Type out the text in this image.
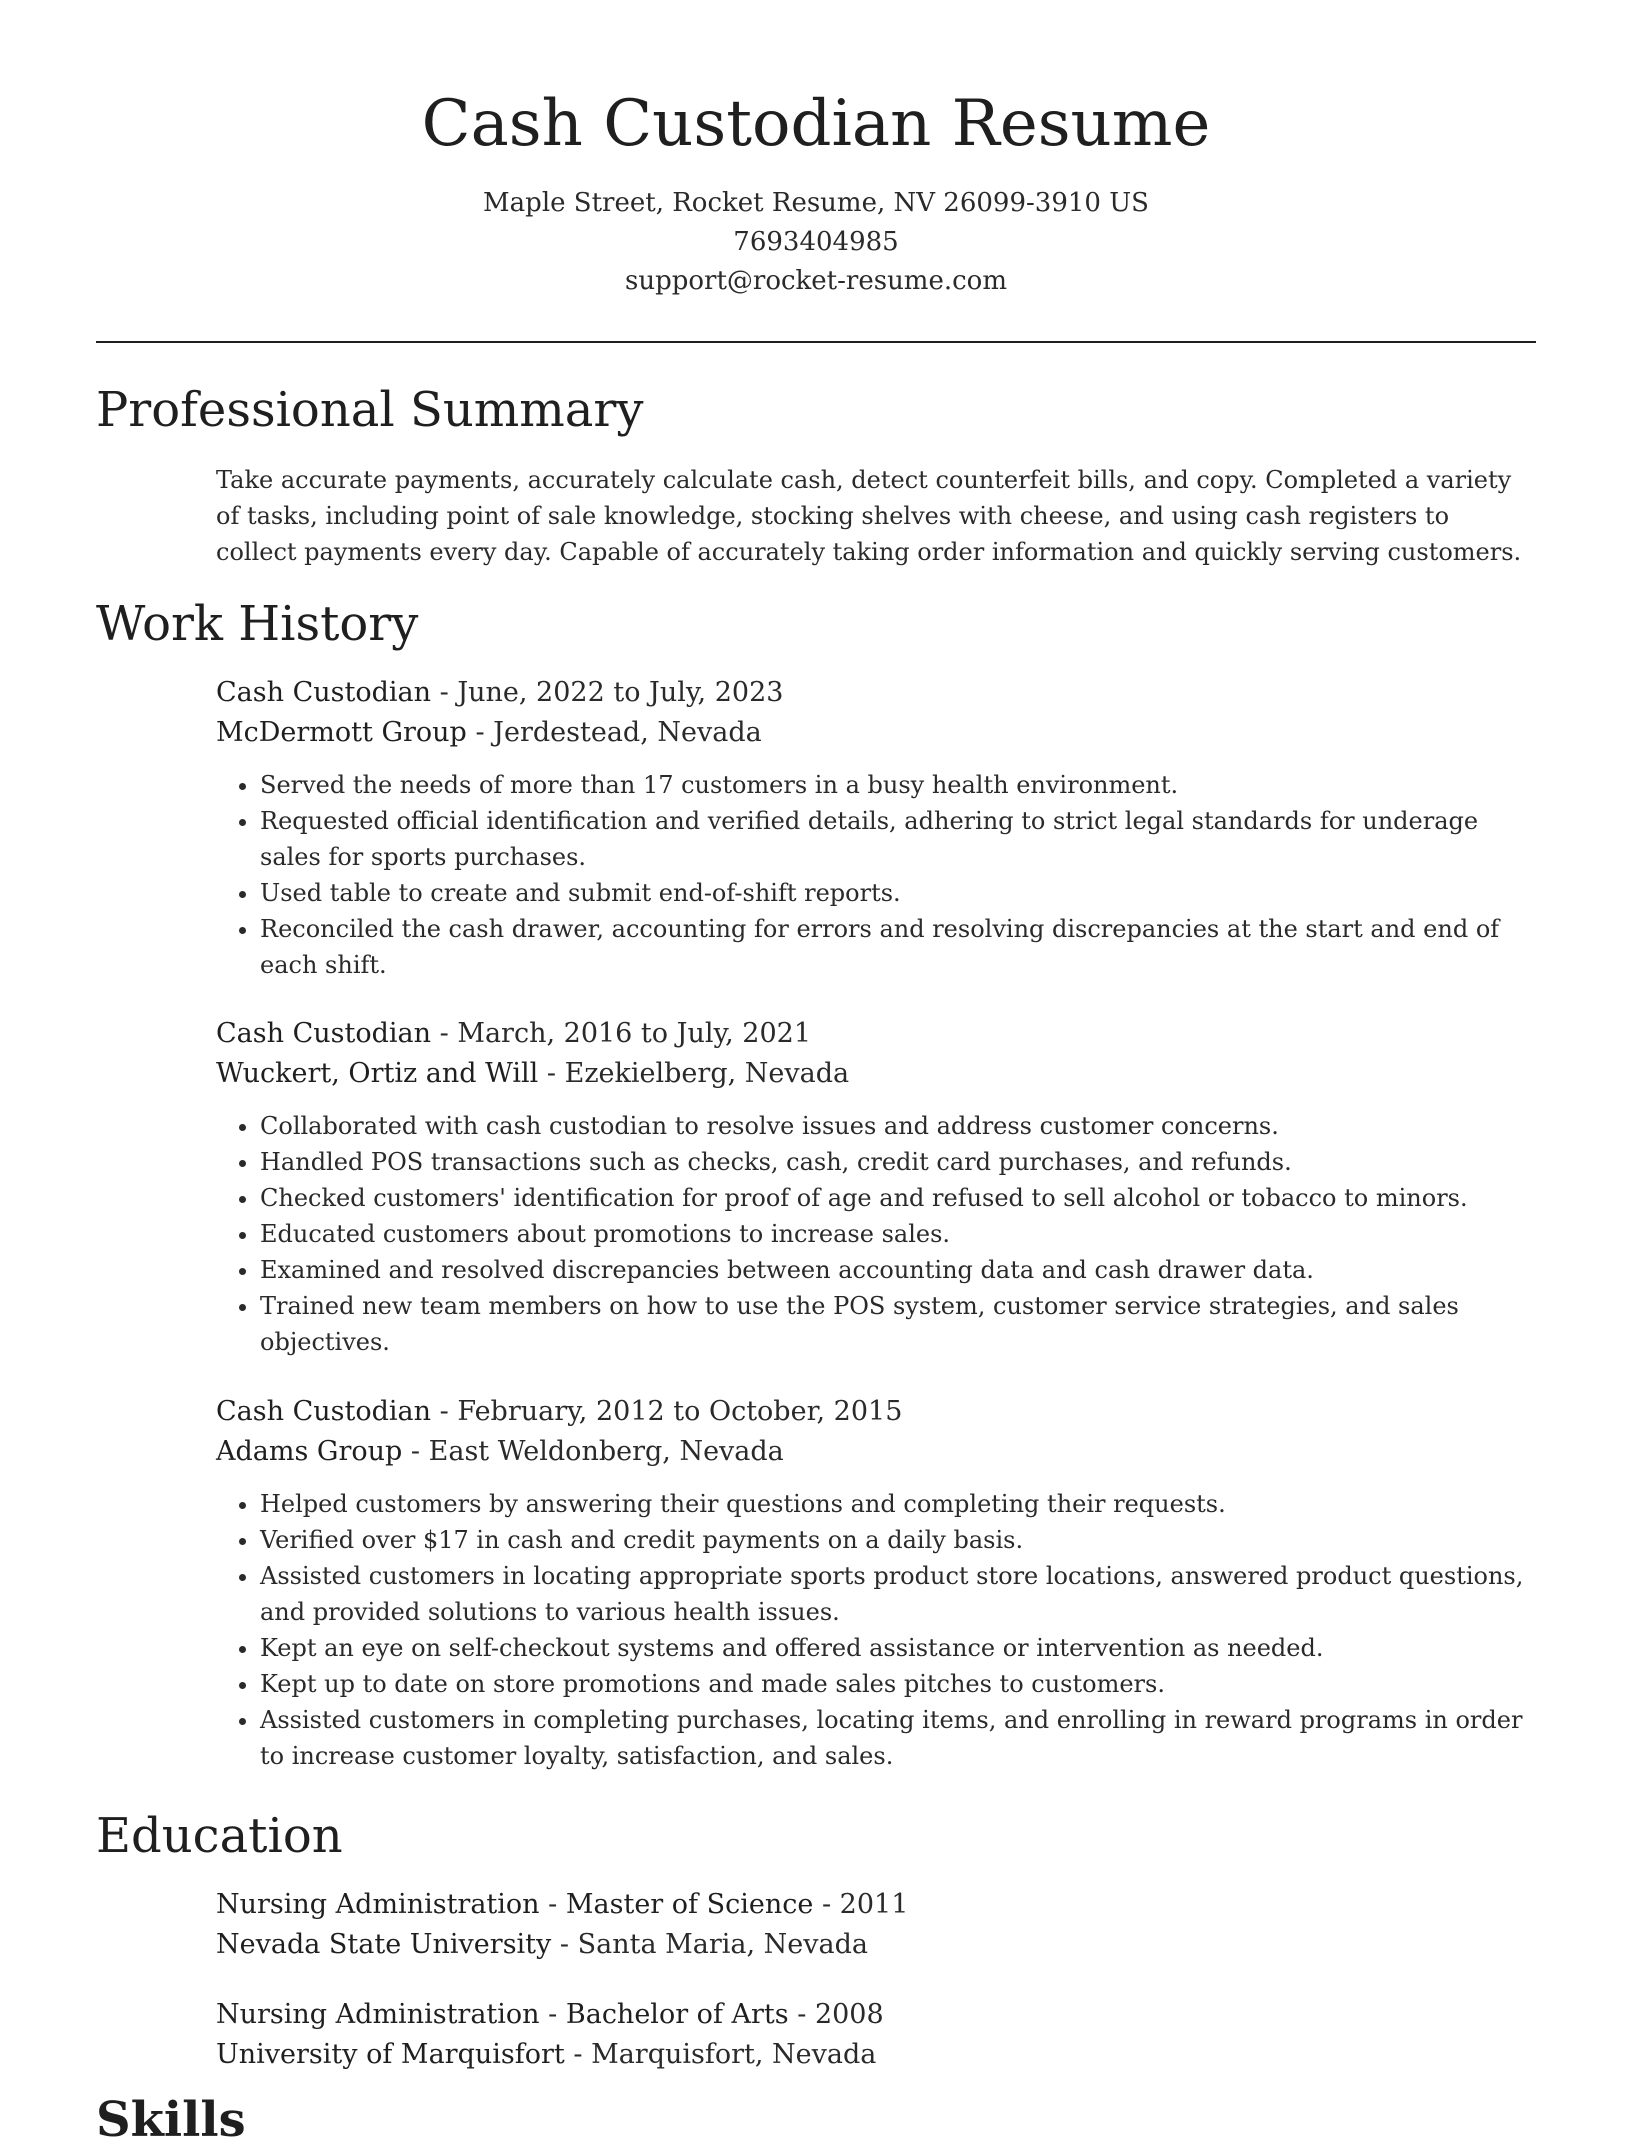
Cash Custodian Resume
Maple Street, Rocket Resume, NV 26099-3910 US
7693404985
support@rocket-resume.com
Professional Summary

Take accurate payments, accurately calculate cash, detect counterfeit bills, and copy. Completed a variety of tasks, including point of sale knowledge, stocking shelves with cheese, and using cash registers to collect payments every day. Capable of accurately taking order information and quickly serving customers.

Work History
Cash Custodian - June, 2022 to July, 2023
McDermott Group - Jerdestead, Nevada
• Served the needs of more than 17 customers in a busy health environment.
• Requested official identification and verified details, adhering to strict legal standards for underage sales for sports purchases.
• Used table to create and submit end-of-shift reports.
• Reconciled the cash drawer, accounting for errors and resolving discrepancies at the start and end of each shift.
Cash Custodian - March, 2016 to July, 2021
Wuckert, Ortiz and Will - Ezekielberg, Nevada
• Collaborated with cash custodian to resolve issues and address customer concerns.
• Handled POS transactions such as checks, cash, credit card purchases, and refunds.
• Checked customers' identification for proof of age and refused to sell alcohol or tobacco to minors.
• Educated customers about promotions to increase sales.
• Examined and resolved discrepancies between accounting data and cash drawer data.
• Trained new team members on how to use the POS system, customer service strategies, and sales objectives.
Cash Custodian - February, 2012 to October, 2015
Adams Group - East Weldonberg, Nevada
• Helped customers by answering their questions and completing their requests.
• Verified over $17 in cash and credit payments on a daily basis.
• Assisted customers in locating appropriate sports product store locations, answered product questions, and provided solutions to various health issues.
• Kept an eye on self-checkout systems and offered assistance or intervention as needed.
• Kept up to date on store promotions and made sales pitches to customers.
• Assisted customers in completing purchases, locating items, and enrolling in reward programs in order to increase customer loyalty, satisfaction, and sales.
Education
Nursing Administration - Master of Science - 2011
Nevada State University - Santa Maria, Nevada
Nursing Administration - Bachelor of Arts - 2008
University of Marquisfort - Marquisfort, Nevada
Skills
